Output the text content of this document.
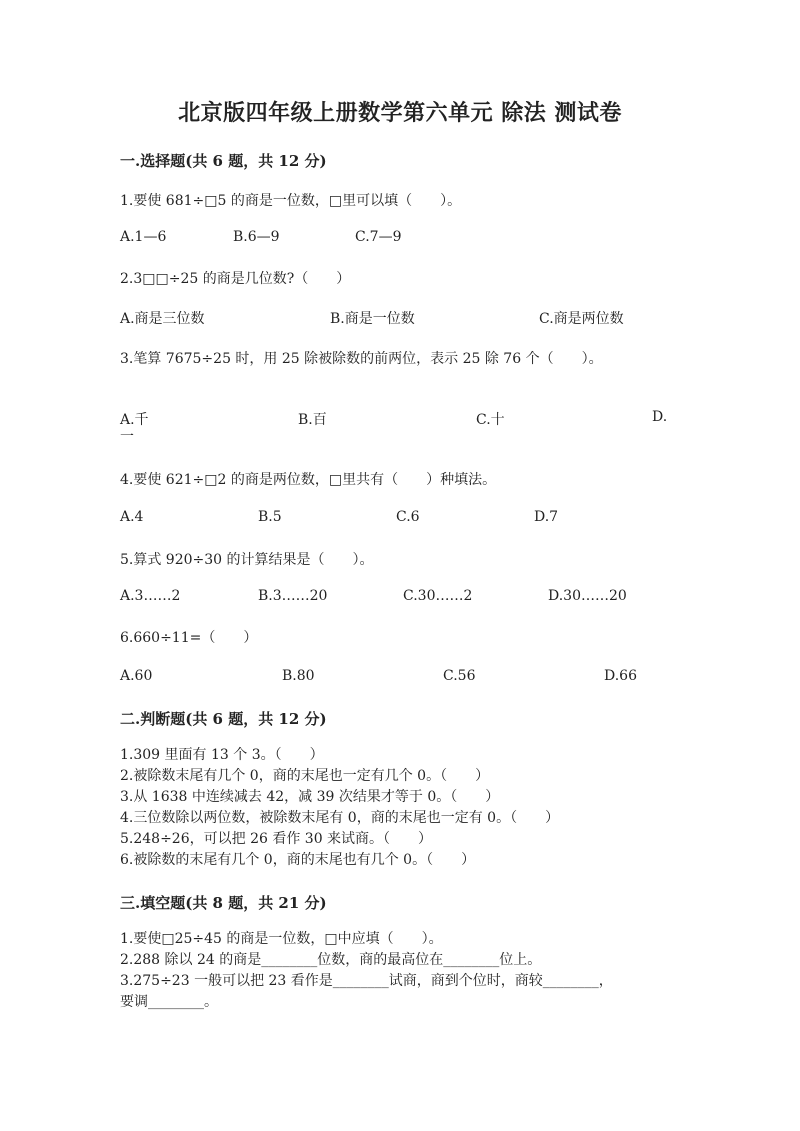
北京版四年级上册数学第六单元 除法 测试卷
一.选择题(共 6 题，共 12 分)
1.要使 681÷□5 的商是一位数，□里可以填（　　）。
A.1—6	B.6—9	C.7—9
2.3□□÷25 的商是几位数?（　　）
A.商是三位数	B.商是一位数	C.商是两位数
3.笔算 7675÷25 时，用 25 除被除数的前两位，表示 25 除 76 个（　　）。
A.千	B.百	C.十	D.
一
4.要使 621÷□2 的商是两位数，□里共有（　　）种填法。
A.4	B.5	C.6	D.7
5.算式 920÷30 的计算结果是（　　）。
A.3……2	B.3……20	C.30……2	D.30……20
6.660÷11=（　　）
A.60	B.80	C.56	D.66
二.判断题(共 6 题，共 12 分)
1.309 里面有 13 个 3。（　　）
2.被除数末尾有几个 0，商的末尾也一定有几个 0。（　　）
3.从 1638 中连续减去 42，减 39 次结果才等于 0。（　　）
4.三位数除以两位数，被除数末尾有 0，商的末尾也一定有 0。（　　）
5.248÷26，可以把 26 看作 30 来试商。（　　）
6.被除数的末尾有几个 0，商的末尾也有几个 0。（　　）
三.填空题(共 8 题，共 21 分)
1.要使□25÷45 的商是一位数，□中应填（　　）。
2.288 除以 24 的商是________位数，商的最高位在________位上。
3.275÷23 一般可以把 23 看作是________试商，商到个位时，商较________，
要调________。
